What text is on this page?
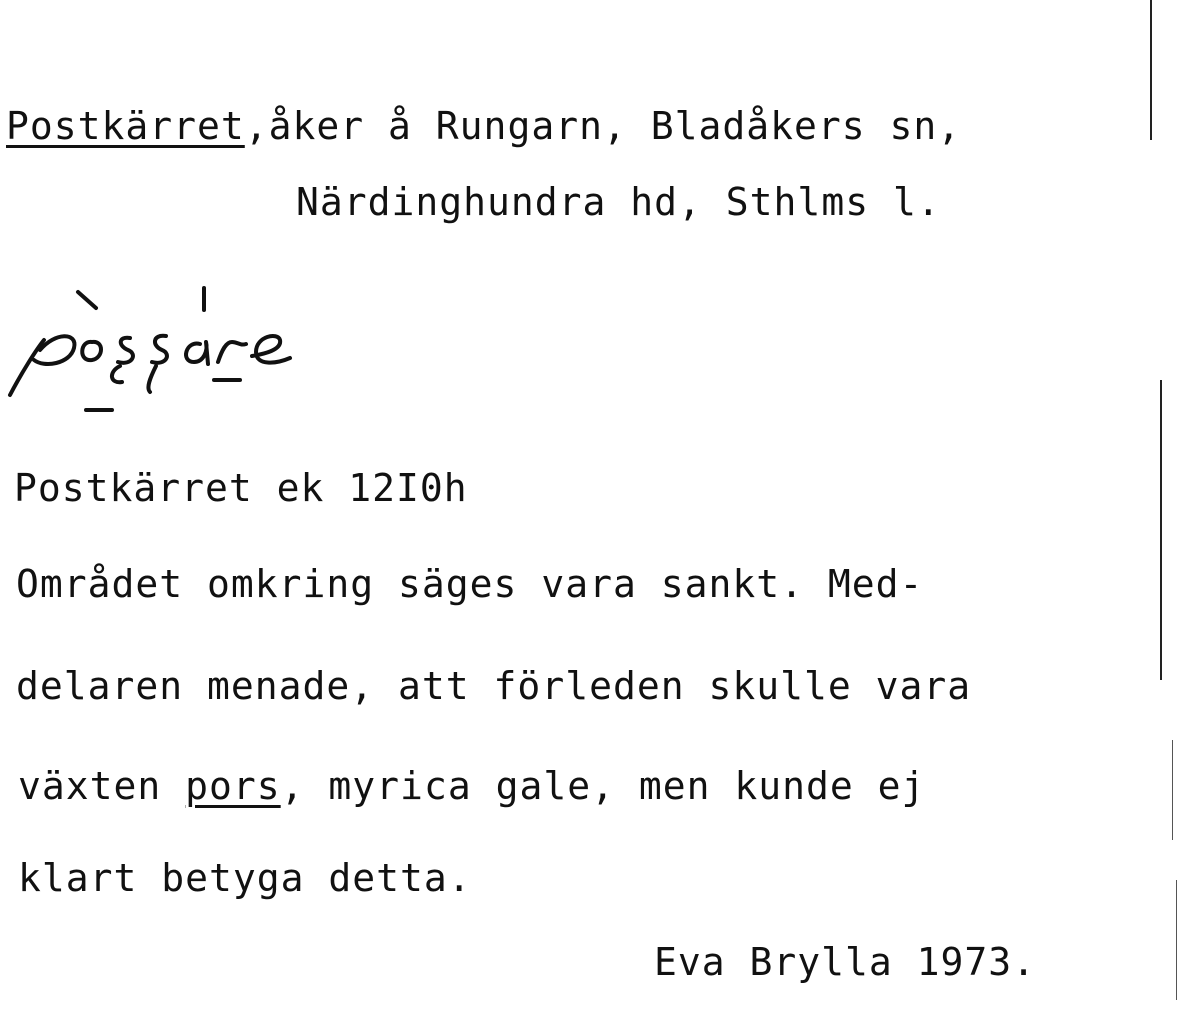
Postkärret,åker å Rungarn, Bladåkers sn,
Närdinghundra hd, Sthlms l.
pòssáre
Postkärret ek 12I0h
Området omkring säges vara sankt. Med-
delaren menade, att förleden skulle vara
växten pors, myrica gale, men kunde ej
klart betyga detta.
Eva Brylla 1973.
